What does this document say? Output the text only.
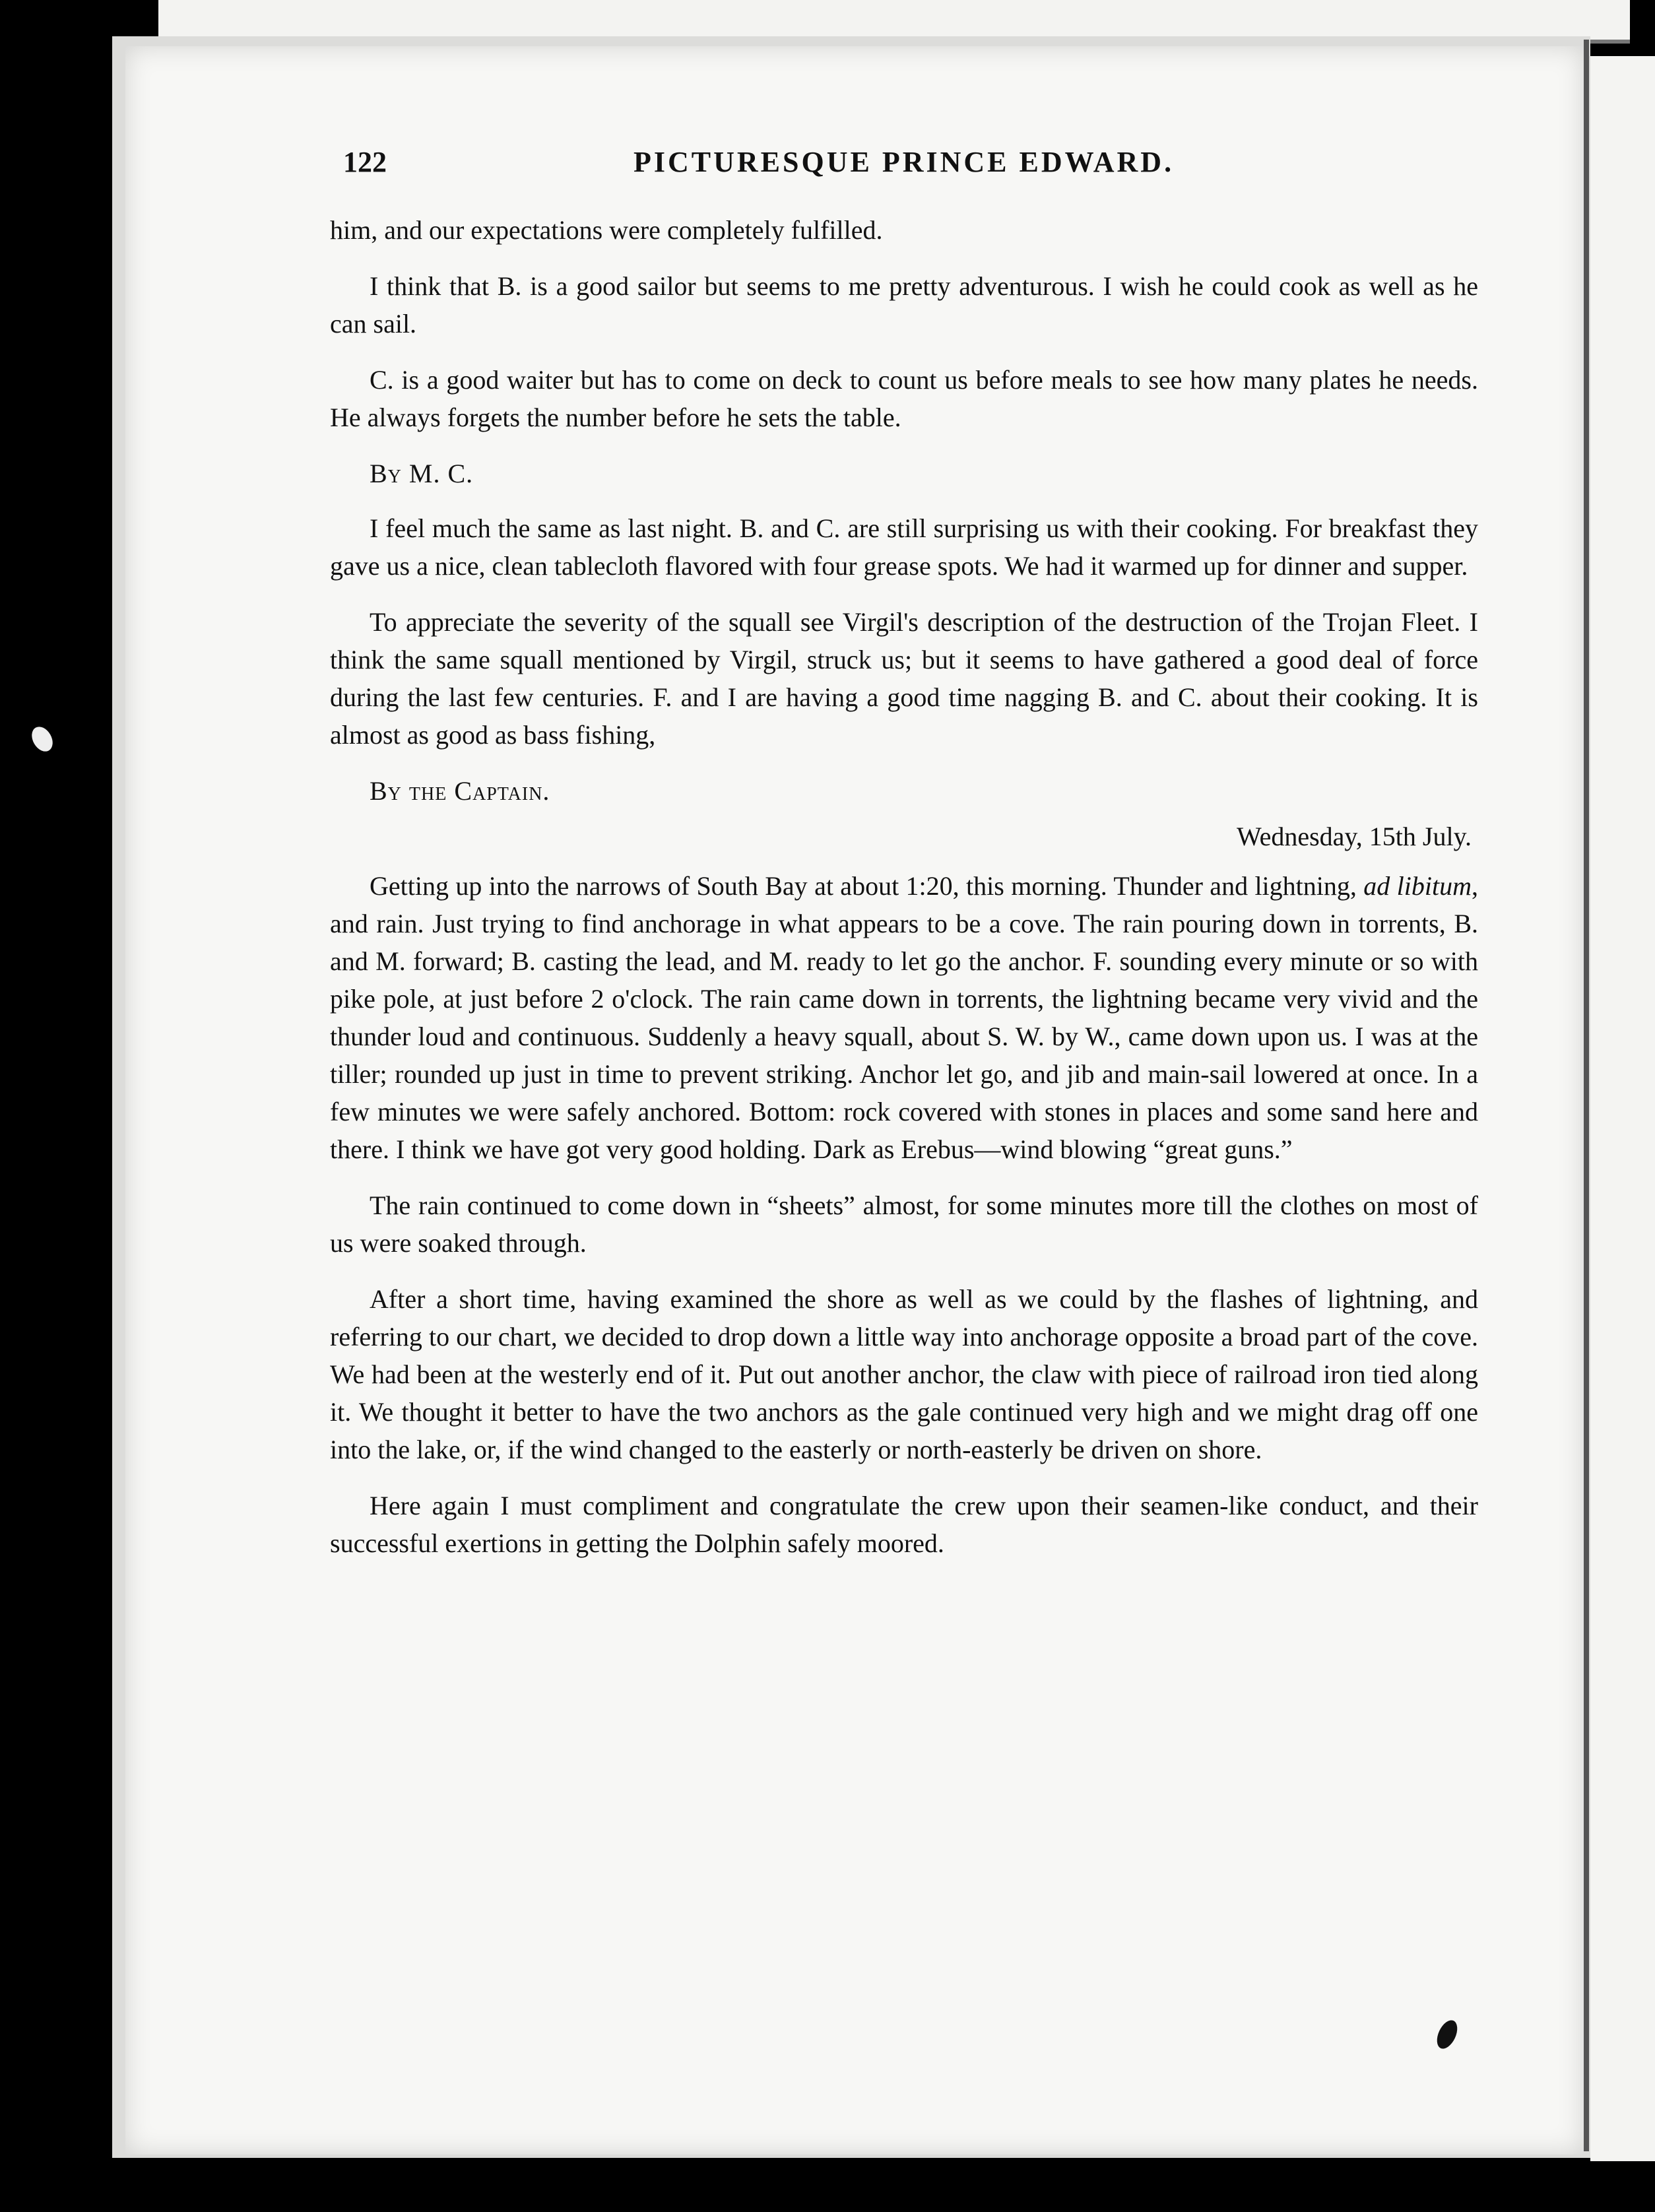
122	PICTURESQUE PRINCE EDWARD.

him, and our expectations were completely fulfilled.

I think that B. is a good sailor but seems to me pretty adventurous. I wish he could cook as well as he can sail.

C. is a good waiter but has to come on deck to count us before meals to see how many plates he needs. He always forgets the number before he sets the table.

By M. C.

I feel much the same as last night. B. and C. are still surprising us with their cooking. For breakfast they gave us a nice, clean tablecloth flavored with four grease spots. We had it warmed up for dinner and supper.

To appreciate the severity of the squall see Virgil's description of the destruction of the Trojan Fleet. I think the same squall mentioned by Virgil, struck us; but it seems to have gathered a good deal of force during the last few centuries. F. and I are having a good time nagging B. and C. about their cooking. It is almost as good as bass fishing,

By the Captain.

Wednesday, 15th July.

Getting up into the narrows of South Bay at about 1:20, this morning. Thunder and lightning, ad libitum, and rain. Just trying to find anchorage in what appears to be a cove. The rain pouring down in torrents, B. and M. forward; B. casting the lead, and M. ready to let go the anchor. F. sounding every minute or so with pike pole, at just before 2 o'clock. The rain came down in torrents, the lightning became very vivid and the thunder loud and continuous. Suddenly a heavy squall, about S. W. by W., came down upon us. I was at the tiller; rounded up just in time to prevent striking. Anchor let go, and jib and main-sail lowered at once. In a few minutes we were safely anchored. Bottom: rock covered with stones in places and some sand here and there. I think we have got very good holding. Dark as Erebus—wind blowing “great guns.”

The rain continued to come down in “sheets” almost, for some minutes more till the clothes on most of us were soaked through.

After a short time, having examined the shore as well as we could by the flashes of lightning, and referring to our chart, we decided to drop down a little way into anchorage opposite a broad part of the cove. We had been at the westerly end of it. Put out another anchor, the claw with piece of railroad iron tied along it. We thought it better to have the two anchors as the gale continued very high and we might drag off one into the lake, or, if the wind changed to the easterly or north-easterly be driven on shore.

Here again I must compliment and congratulate the crew upon their seamen-like conduct, and their successful exertions in getting the Dolphin safely moored.
